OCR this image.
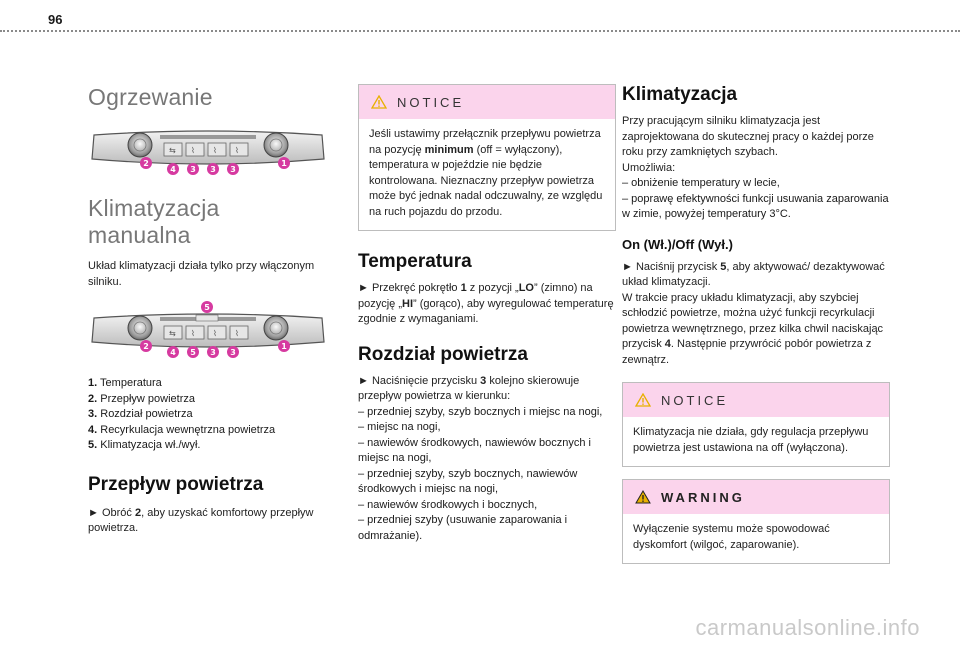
96
Ogrzewanie
⇆ ⌇ ⌇ ⌇
2
4 3 3 3
1
Klimatyzacja manualna

Układ klimatyzacji działa tylko przy włączonym silniku.

⇆ ⌇ ⌇ ⌇
5
2
4 5 3 3
1
1. Temperatura
2. Przepływ powietrza
3. Rozdział powietrza
4. Recyrkulacja wewnętrzna powietrza
5. Klimatyzacja wł./wył.
Przepływ powietrza

► Obróć 2, aby uzyskać komfortowy przepływ powietrza.

NOTICE
Jeśli ustawimy przełącznik przepływu powietrza na pozycję minimum (off = wyłączony), temperatura w pojeździe nie będzie kontrolowana. Nieznaczny przepływ powietrza może być jednak nadal odczuwalny, ze względu na ruch pojazdu do przodu.
Temperatura

► Przekręć pokrętło 1 z pozycji „LO” (zimno) na pozycję „HI” (gorąco), aby wyregulować temperaturę zgodnie z wymaganiami.

Rozdział powietrza

► Naciśnięcie przycisku 3 kolejno skierowuje przepływ powietrza w kierunku:

– przedniej szyby, szyb bocznych i miejsc na nogi,
– miejsc na nogi,
– nawiewów środkowych, nawiewów bocznych i miejsc na nogi,
– przedniej szyby, szyb bocznych, nawiewów środkowych i miejsc na nogi,
– nawiewów środkowych i bocznych,
– przedniej szyby (usuwanie zaparowania i odmrażanie).
Klimatyzacja

Przy pracującym silniku klimatyzacja jest zaprojektowana do skutecznej pracy o każdej porze roku przy zamkniętych szybach.

Umożliwia:

– obniżenie temperatury w lecie,
– poprawę efektywności funkcji usuwania zaparowania w zimie, powyżej temperatury 3°C.
On (Wł.)/Off (Wył.)

► Naciśnij przycisk 5, aby aktywować/ dezaktywować układ klimatyzacji.

W trakcie pracy układu klimatyzacji, aby szybciej schłodzić powietrze, można użyć funkcji recyrkulacji powietrza wewnętrznego, przez kilka chwil naciskając przycisk 4. Następnie przywrócić pobór powietrza z zewnątrz.

NOTICE
Klimatyzacja nie działa, gdy regulacja przepływu powietrza jest ustawiona na off (wyłączona).
WARNING
Wyłączenie systemu może spowodować dyskomfort (wilgoć, zaparowanie).
carmanualsonline.info
